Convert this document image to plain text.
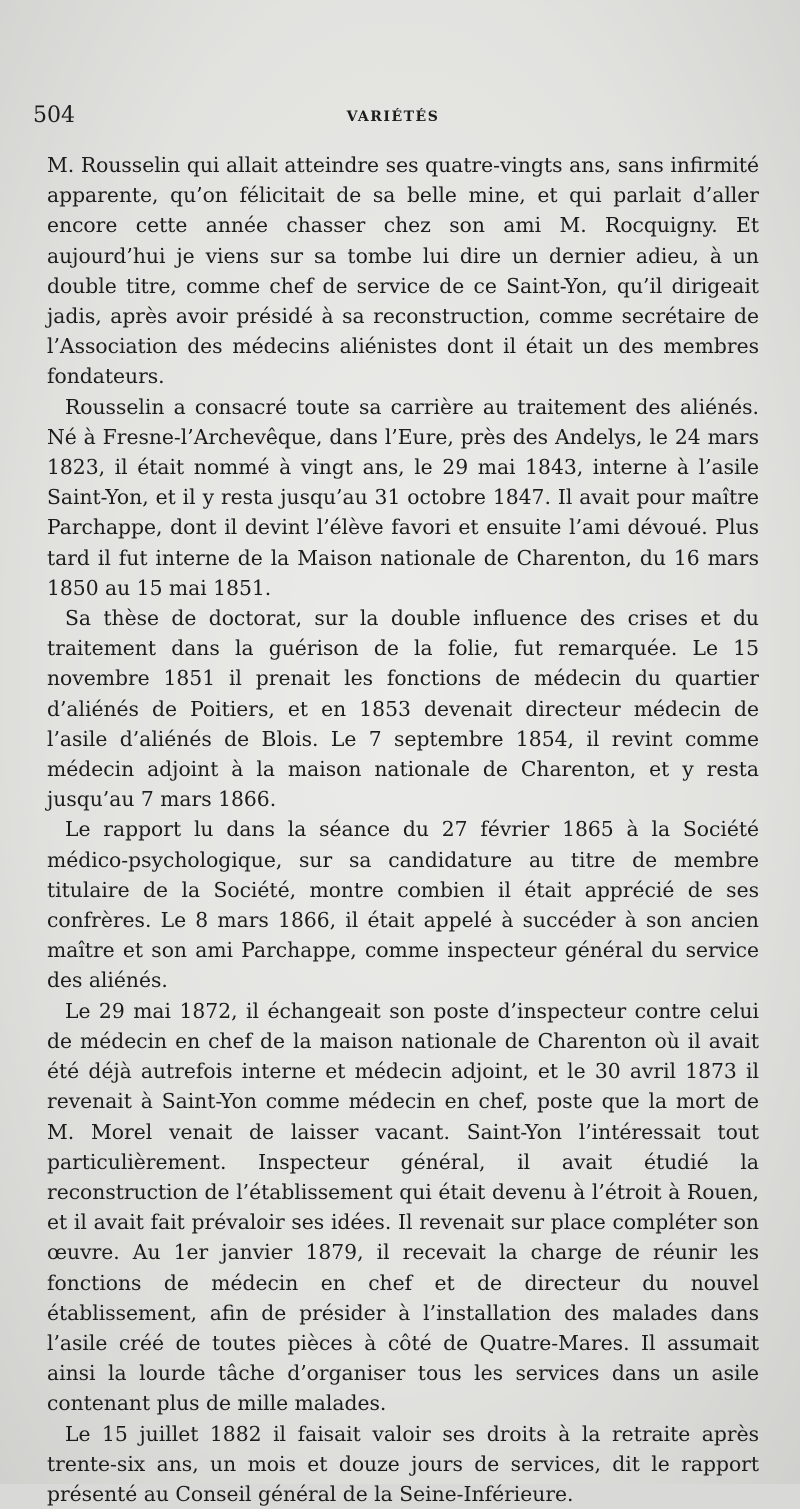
504	VARIÉTÉS

M. Rousselin qui allait atteindre ses quatre-vingts ans, sans infirmité apparente, qu’on félicitait de sa belle mine, et qui parlait d’aller encore cette année chasser chez son ami M. Rocquigny. Et aujourd’hui je viens sur sa tombe lui dire un dernier adieu, à un double titre, comme chef de service de ce Saint-Yon, qu’il dirigeait jadis, après avoir présidé à sa reconstruction, comme secrétaire de l’Association des médecins aliénistes dont il était un des membres fondateurs.

Rousselin a consacré toute sa carrière au traitement des aliénés. Né à Fresne-l’Archevêque, dans l’Eure, près des Andelys, le 24 mars 1823, il était nommé à vingt ans, le 29 mai 1843, interne à l’asile Saint-Yon, et il y resta jusqu’au 31 octobre 1847. Il avait pour maître Parchappe, dont il devint l’élève favori et ensuite l’ami dévoué. Plus tard il fut interne de la Maison nationale de Charenton, du 16 mars 1850 au 15 mai 1851.

Sa thèse de doctorat, sur la double influence des crises et du traitement dans la guérison de la folie, fut remarquée. Le 15 novembre 1851 il prenait les fonctions de médecin du quartier d’aliénés de Poitiers, et en 1853 devenait directeur médecin de l’asile d’aliénés de Blois. Le 7 septembre 1854, il revint comme médecin adjoint à la maison nationale de Charenton, et y resta jusqu’au 7 mars 1866.

Le rapport lu dans la séance du 27 février 1865 à la Société médico-psychologique, sur sa candidature au titre de membre titulaire de la Société, montre combien il était apprécié de ses confrères. Le 8 mars 1866, il était appelé à succéder à son ancien maître et son ami Parchappe, comme inspecteur général du service des aliénés.

Le 29 mai 1872, il échangeait son poste d’inspecteur contre celui de médecin en chef de la maison nationale de Charenton où il avait été déjà autrefois interne et médecin adjoint, et le 30 avril 1873 il revenait à Saint-Yon comme médecin en chef, poste que la mort de M. Morel venait de laisser vacant. Saint-Yon l’intéressait tout particulièrement. Inspecteur général, il avait étudié la reconstruction de l’établissement qui était devenu à l’étroit à Rouen, et il avait fait prévaloir ses idées. Il revenait sur place compléter son œuvre. Au 1er janvier 1879, il recevait la charge de réunir les fonctions de médecin en chef et de directeur du nouvel établissement, afin de présider à l’installation des malades dans l’asile créé de toutes pièces à côté de Quatre-Mares. Il assumait ainsi la lourde tâche d’organiser tous les services dans un asile contenant plus de mille malades.

Le 15 juillet 1882 il faisait valoir ses droits à la retraite après trente-six ans, un mois et douze jours de services, dit le rapport présenté au Conseil général de la Seine-Inférieure.
